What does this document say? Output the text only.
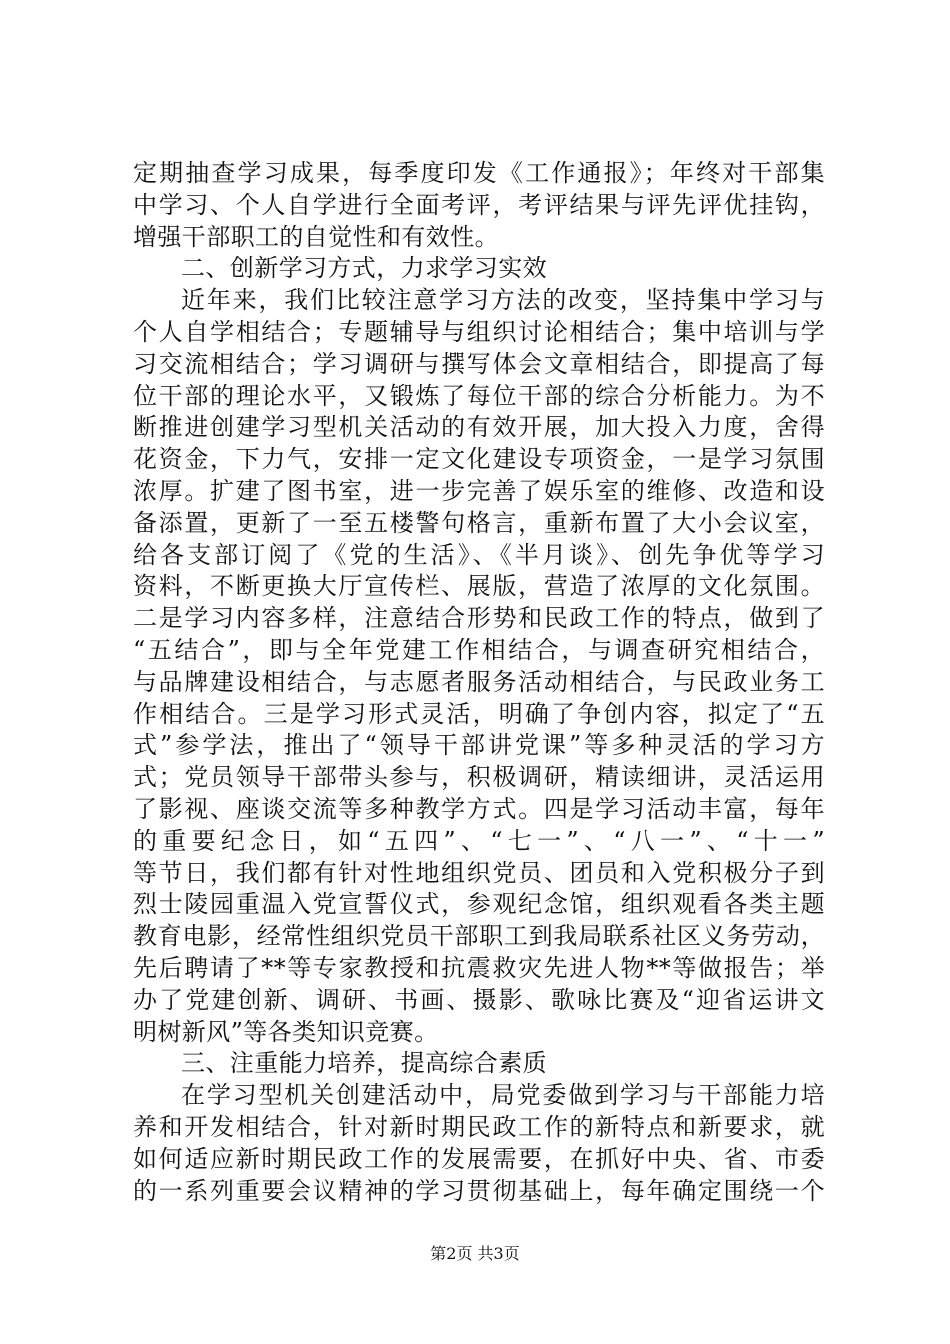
定期抽查学习成果，每季度印发《工作通报》；年终对干部集
中学习、个人自学进行全面考评，考评结果与评先评优挂钩，
增强干部职工的自觉性和有效性。
二、创新学习方式，力求学习实效
近年来，我们比较注意学习方法的改变，坚持集中学习与
个人自学相结合；专题辅导与组织讨论相结合；集中培训与学
习交流相结合；学习调研与撰写体会文章相结合，即提高了每
位干部的理论水平，又锻炼了每位干部的综合分析能力。为不
断推进创建学习型机关活动的有效开展，加大投入力度，舍得
花资金，下力气，安排一定文化建设专项资金，一是学习氛围
浓厚。扩建了图书室，进一步完善了娱乐室的维修、改造和设
备添置，更新了一至五楼警句格言，重新布置了大小会议室，
给各支部订阅了《党的生活》、《半月谈》、创先争优等学习
资料，不断更换大厅宣传栏、展版，营造了浓厚的文化氛围。
二是学习内容多样，注意结合形势和民政工作的特点，做到了
“五结合”，即与全年党建工作相结合，与调查研究相结合，
与品牌建设相结合，与志愿者服务活动相结合，与民政业务工
作相结合。三是学习形式灵活，明确了争创内容，拟定了“五
式”参学法，推出了“领导干部讲党课”等多种灵活的学习方
式；党员领导干部带头参与，积极调研，精读细讲，灵活运用
了影视、座谈交流等多种教学方式。四是学习活动丰富，每年
的重要纪念日，如“五四”、“七一”、“八一”、“十一”
等节日，我们都有针对性地组织党员、团员和入党积极分子到
烈士陵园重温入党宣誓仪式，参观纪念馆，组织观看各类主题
教育电影，经常性组织党员干部职工到我局联系社区义务劳动，
先后聘请了**等专家教授和抗震救灾先进人物**等做报告；举
办了党建创新、调研、书画、摄影、歌咏比赛及“迎省运讲文
明树新风”等各类知识竞赛。
三、注重能力培养，提高综合素质
在学习型机关创建活动中，局党委做到学习与干部能力培
养和开发相结合，针对新时期民政工作的新特点和新要求，就
如何适应新时期民政工作的发展需要，在抓好中央、省、市委
的一系列重要会议精神的学习贯彻基础上，每年确定围绕一个
第2页 共3页
